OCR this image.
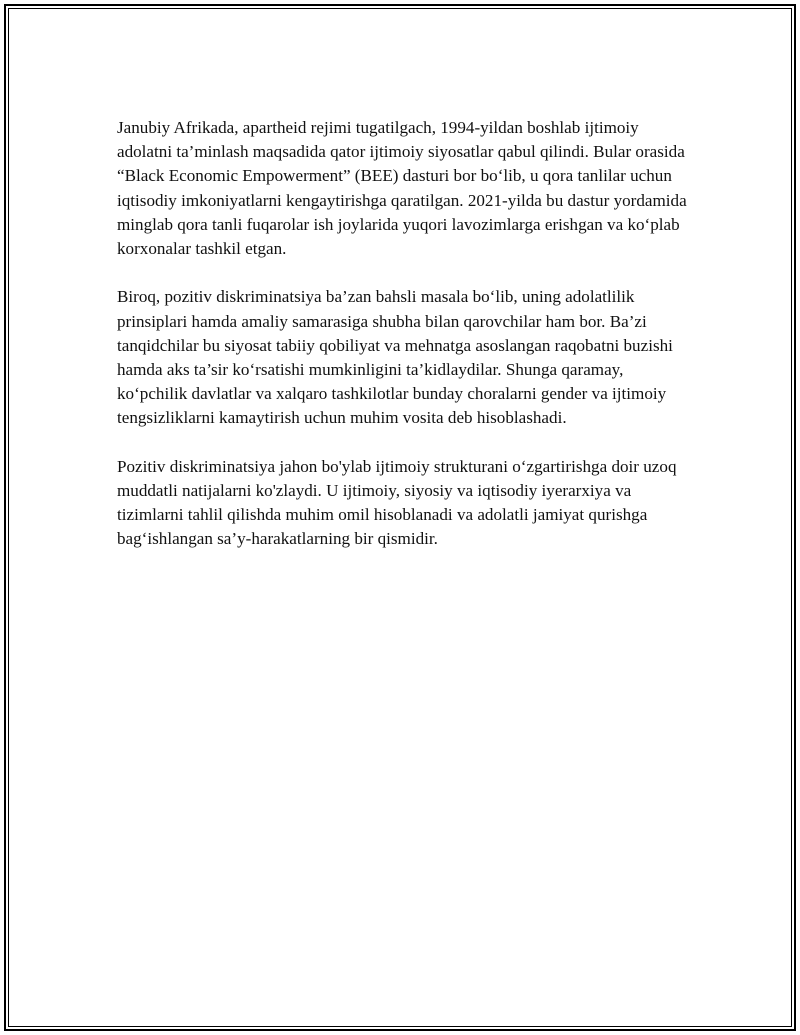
Janubiy Afrikada, apartheid rejimi tugatilgach, 1994-yildan boshlab ijtimoiy adolatni ta’minlash maqsadida qator ijtimoiy siyosatlar qabul qilindi. Bular orasida “Black Economic Empowerment” (BEE) dasturi bor bo‘lib, u qora tanlilar uchun iqtisodiy imkoniyatlarni kengaytirishga qaratilgan. 2021-yilda bu dastur yordamida minglab qora tanli fuqarolar ish joylarida yuqori lavozimlarga erishgan va ko‘plab korxonalar tashkil etgan.

Biroq, pozitiv diskriminatsiya ba’zan bahsli masala bo‘lib, uning adolatlilik prinsiplari hamda amaliy samarasiga shubha bilan qarovchilar ham bor. Ba’zi tanqidchilar bu siyosat tabiiy qobiliyat va mehnatga asoslangan raqobatni buzishi hamda aks ta’sir ko‘rsatishi mumkinligini ta’kidlaydilar. Shunga qaramay, ko‘pchilik davlatlar va xalqaro tashkilotlar bunday choralarni gender va ijtimoiy tengsizliklarni kamaytirish uchun muhim vosita deb hisoblashadi.

Pozitiv diskriminatsiya jahon bo'ylab ijtimoiy strukturani o‘zgartirishga doir uzoq muddatli natijalarni ko'zlaydi. U ijtimoiy, siyosiy va iqtisodiy iyerarxiya va tizimlarni tahlil qilishda muhim omil hisoblanadi va adolatli jamiyat qurishga bag‘ishlangan sa’y-harakatlarning bir qismidir.
